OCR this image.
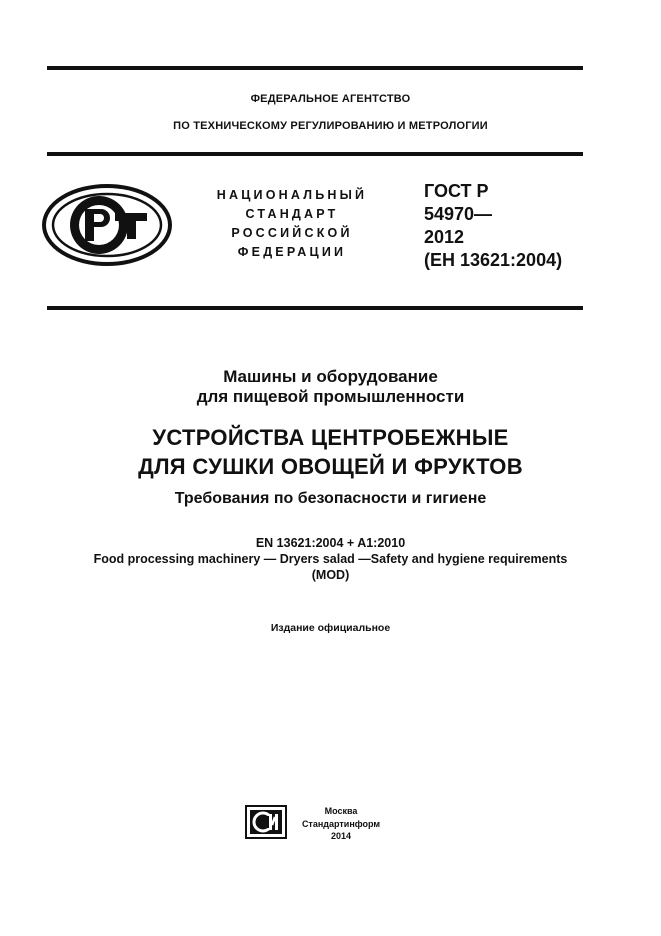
ФЕДЕРАЛЬНОЕ АГЕНТСТВО
ПО ТЕХНИЧЕСКОМУ РЕГУЛИРОВАНИЮ И МЕТРОЛОГИИ
НАЦИОНАЛЬНЫЙ
СТАНДАРТ
РОССИЙСКОЙ
ФЕДЕРАЦИИ
ГОСТ Р
54970—
2012
(ЕН 13621:2004)
Машины и оборудование
для пищевой промышленности
УСТРОЙСТВА ЦЕНТРОБЕЖНЫЕ
ДЛЯ СУШКИ ОВОЩЕЙ И ФРУКТОВ
Требования по безопасности и гигиене
EN 13621:2004 + A1:2010
Food processing machinery — Dryers salad —Safety and hygiene requirements
(MOD)
Издание официальное
Москва
Стандартинформ
2014
